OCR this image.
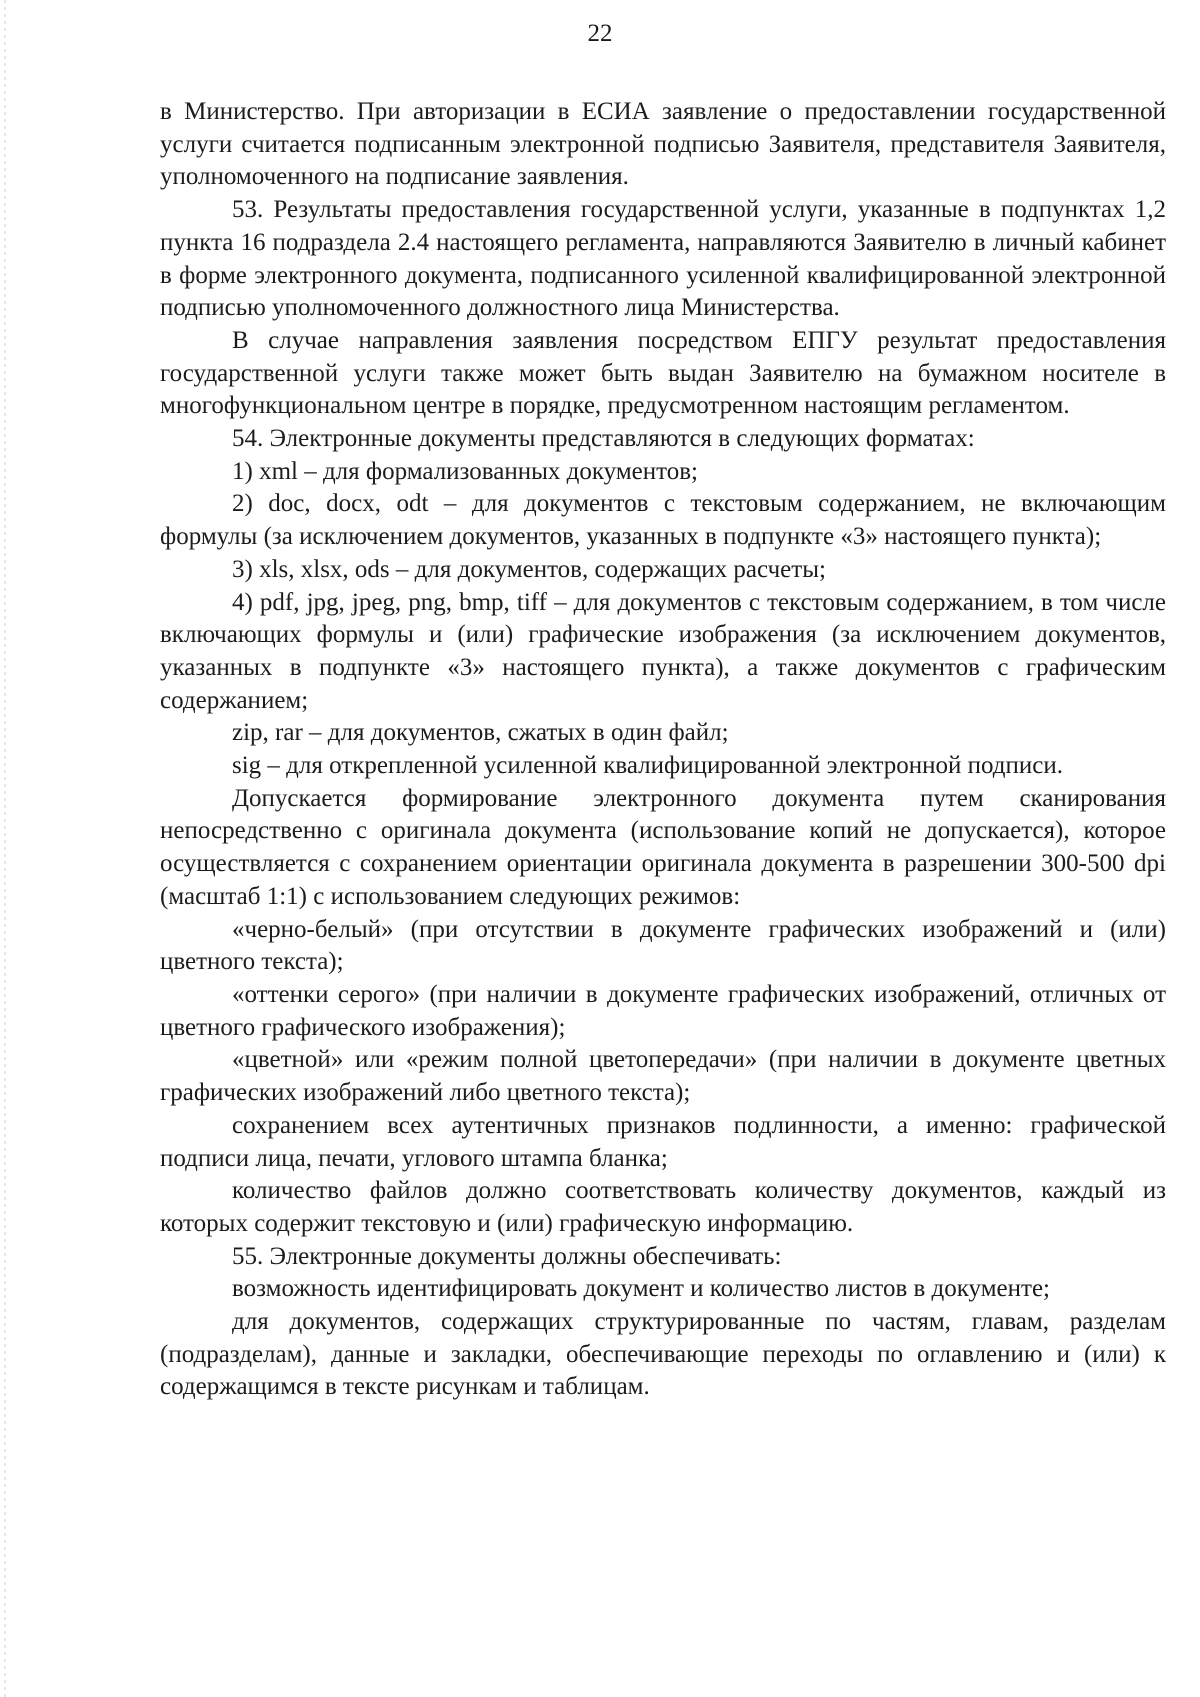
22

в Министерство. При авторизации в ЕСИА заявление о предоставлении государственной услуги считается подписанным электронной подписью Заявителя, представителя Заявителя, уполномоченного на подписание заявления.

53. Результаты предоставления государственной услуги, указанные в подпунктах 1,2 пункта 16 подраздела 2.4 настоящего регламента, направляются Заявителю в личный кабинет в форме электронного документа, подписанного усиленной квалифицированной электронной подписью уполномоченного должностного лица Министерства.

В случае направления заявления посредством ЕПГУ результат предоставления государственной услуги также может быть выдан Заявителю на бумажном носителе в многофункциональном центре в порядке, предусмотренном настоящим регламентом.

54. Электронные документы представляются в следующих форматах:

1) xml – для формализованных документов;

2) doc, docx, odt – для документов с текстовым содержанием, не включающим формулы (за исключением документов, указанных в подпункте «3» настоящего пункта);

3) xls, xlsx, ods – для документов, содержащих расчеты;

4) pdf, jpg, jpeg, png, bmp, tiff – для документов с текстовым содержанием, в том числе включающих формулы и (или) графические изображения (за исключением документов, указанных в подпункте «3» настоящего пункта), а также документов с графическим содержанием;

zip, rar – для документов, сжатых в один файл;

sig – для открепленной усиленной квалифицированной электронной подписи.

Допускается формирование электронного документа путем сканирования непосредственно с оригинала документа (использование копий не допускается), которое осуществляется с сохранением ориентации оригинала документа в разрешении 300-500 dpi (масштаб 1:1) с использованием следующих режимов:

«черно-белый» (при отсутствии в документе графических изображений и (или) цветного текста);

«оттенки серого» (при наличии в документе графических изображений, отличных от цветного графического изображения);

«цветной» или «режим полной цветопередачи» (при наличии в документе цветных графических изображений либо цветного текста);

сохранением всех аутентичных признаков подлинности, а именно: графической подписи лица, печати, углового штампа бланка;

количество файлов должно соответствовать количеству документов, каждый из которых содержит текстовую и (или) графическую информацию.

55. Электронные документы должны обеспечивать:

возможность идентифицировать документ и количество листов в документе;

для документов, содержащих структурированные по частям, главам, разделам (подразделам), данные и закладки, обеспечивающие переходы по оглавлению и (или) к содержащимся в тексте рисункам и таблицам.
